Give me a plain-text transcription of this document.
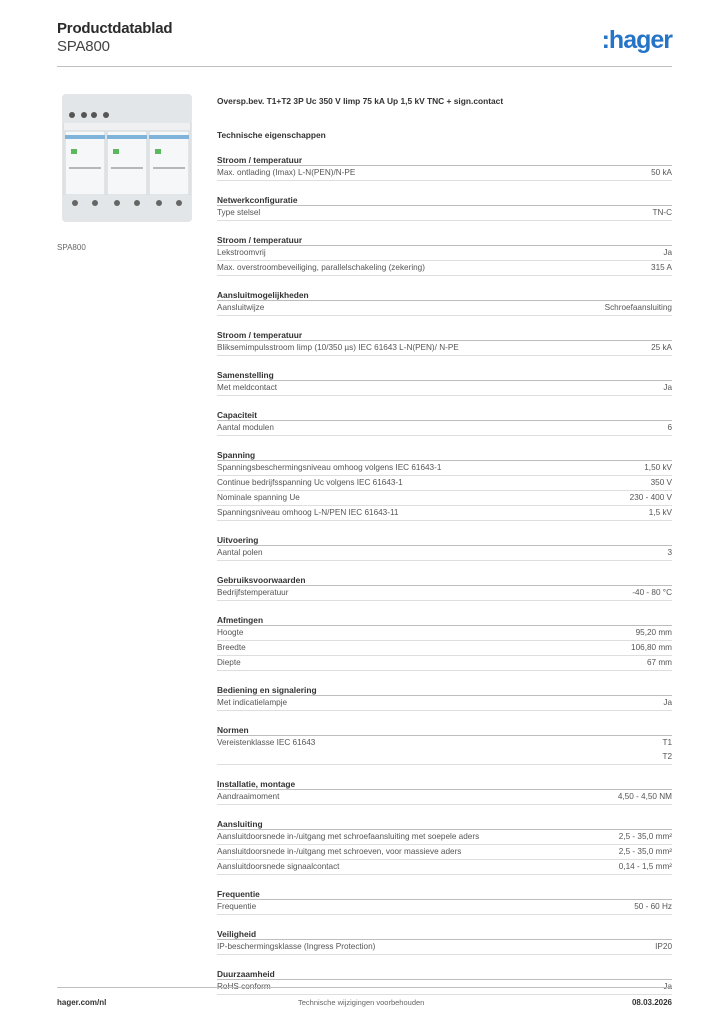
Productdatablad
SPA800	:hager
SPA800
Oversp.bev. T1+T2 3P Uc 350 V Iimp 75 kA Up 1,5 kV TNC + sign.contact
Technische eigenschappen
Stroom / temperatuur
Max. ontlading (Imax) L-N(PEN)/N-PE	50 kA
Netwerkconfiguratie
Type stelsel	TN-C
Stroom / temperatuur
Lekstroomvrij	Ja
Max. overstroombeveiliging, parallelschakeling (zekering)	315 A
Aansluitmogelijkheden
Aansluitwijze	Schroefaansluiting
Stroom / temperatuur
Bliksemimpulsstroom Iimp (10/350 µs) IEC 61643 L-N(PEN)/ N-PE	25 kA
Samenstelling
Met meldcontact	Ja
Capaciteit
Aantal modulen	6
Spanning
Spanningsbeschermingsniveau omhoog volgens IEC 61643-1	1,50 kV
Continue bedrijfsspanning Uc volgens IEC 61643-1	350 V
Nominale spanning Ue	230 - 400 V
Spanningsniveau omhoog L-N/PEN IEC 61643-11	1,5 kV
Uitvoering
Aantal polen	3
Gebruiksvoorwaarden
Bedrijfstemperatuur	-40 - 80 °C
Afmetingen
Hoogte	95,20 mm
Breedte	106,80 mm
Diepte	67 mm
Bediening en signalering
Met indicatielampje	Ja
Normen
Vereistenklasse IEC 61643	T1
T2
Installatie, montage
Aandraaimoment	4,50 - 4,50 NM
Aansluiting
Aansluitdoorsnede in-/uitgang met schroefaansluiting met soepele aders	2,5 - 35,0 mm²
Aansluitdoorsnede in-/uitgang met schroeven, voor massieve aders	2,5 - 35,0 mm²
Aansluitdoorsnede signaalcontact	0,14 - 1,5 mm²
Frequentie
Frequentie	50 - 60 Hz
Veiligheid
IP-beschermingsklasse (Ingress Protection)	IP20
Duurzaamheid
RoHS conform	Ja
hager.com/nl	Technische wijzigingen voorbehouden	08.03.2026
